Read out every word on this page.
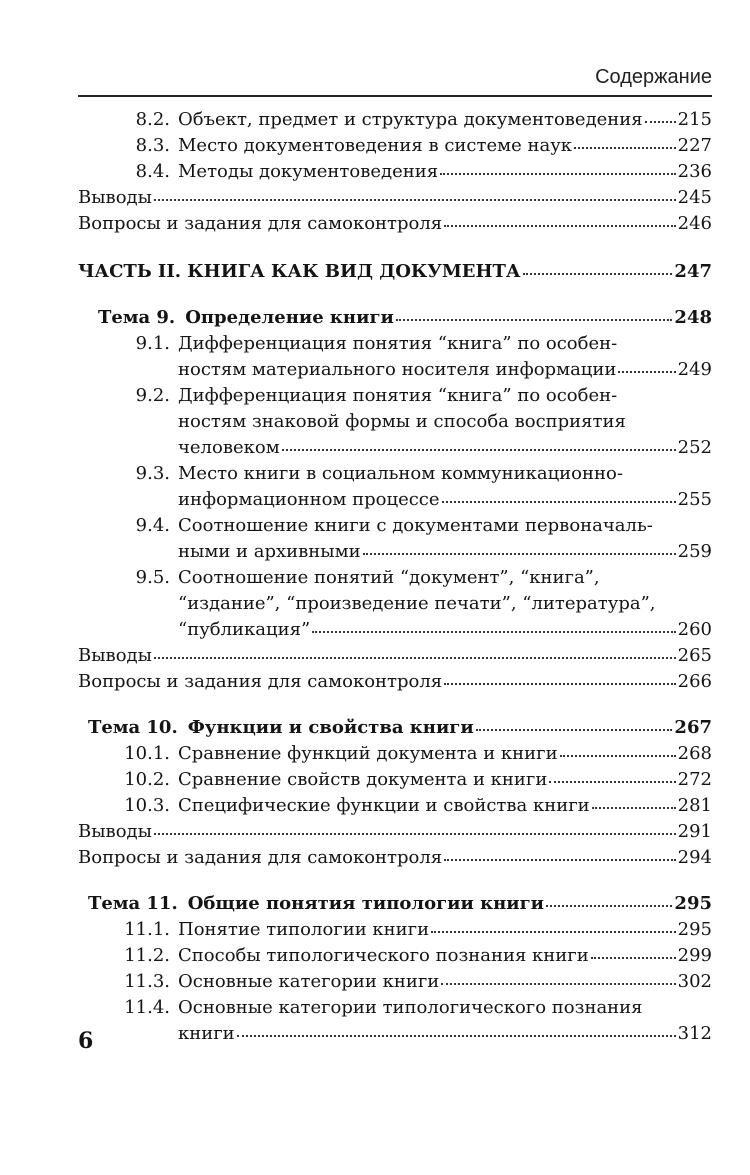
Содержание
8.2. Объект, предмет и структура документоведения 215
8.3. Место документоведения в системе наук	227
8.4. Методы документоведения	236
Выводы	245
Вопросы и задания для самоконтроля	246
ЧАСТЬ II. КНИГА КАК ВИД ДОКУМЕНТА	247
Тема 9. Определение книги	248
9.1. Дифференциация понятия “книга” по особен-
ностям материального носителя информации	249
9.2. Дифференциация понятия “книга” по особен-
ностям знаковой формы и способа восприятия
человеком	252
9.3. Место книги в социальном коммуникационно-
информационном процессе	255
9.4. Соотношение книги с документами первоначаль-
ными и архивными	259
9.5. Соотношение понятий “документ”, “книга”,
“издание”, “произведение печати”, “литература”,
“публикация”	260
Выводы	265
Вопросы и задания для самоконтроля	266
Тема 10. Функции и свойства книги	267
10.1. Сравнение функций документа и книги	268
10.2. Сравнение свойств документа и книги	272
10.3. Специфические функции и свойства книги	281
Выводы	291
Вопросы и задания для самоконтроля	294
Тема 11. Общие понятия типологии книги	295
11.1. Понятие типологии книги	295
11.2. Способы типологического познания книги	299
11.3. Основные категории книги	302
11.4. Основные категории типологического познания
книги	312
6
